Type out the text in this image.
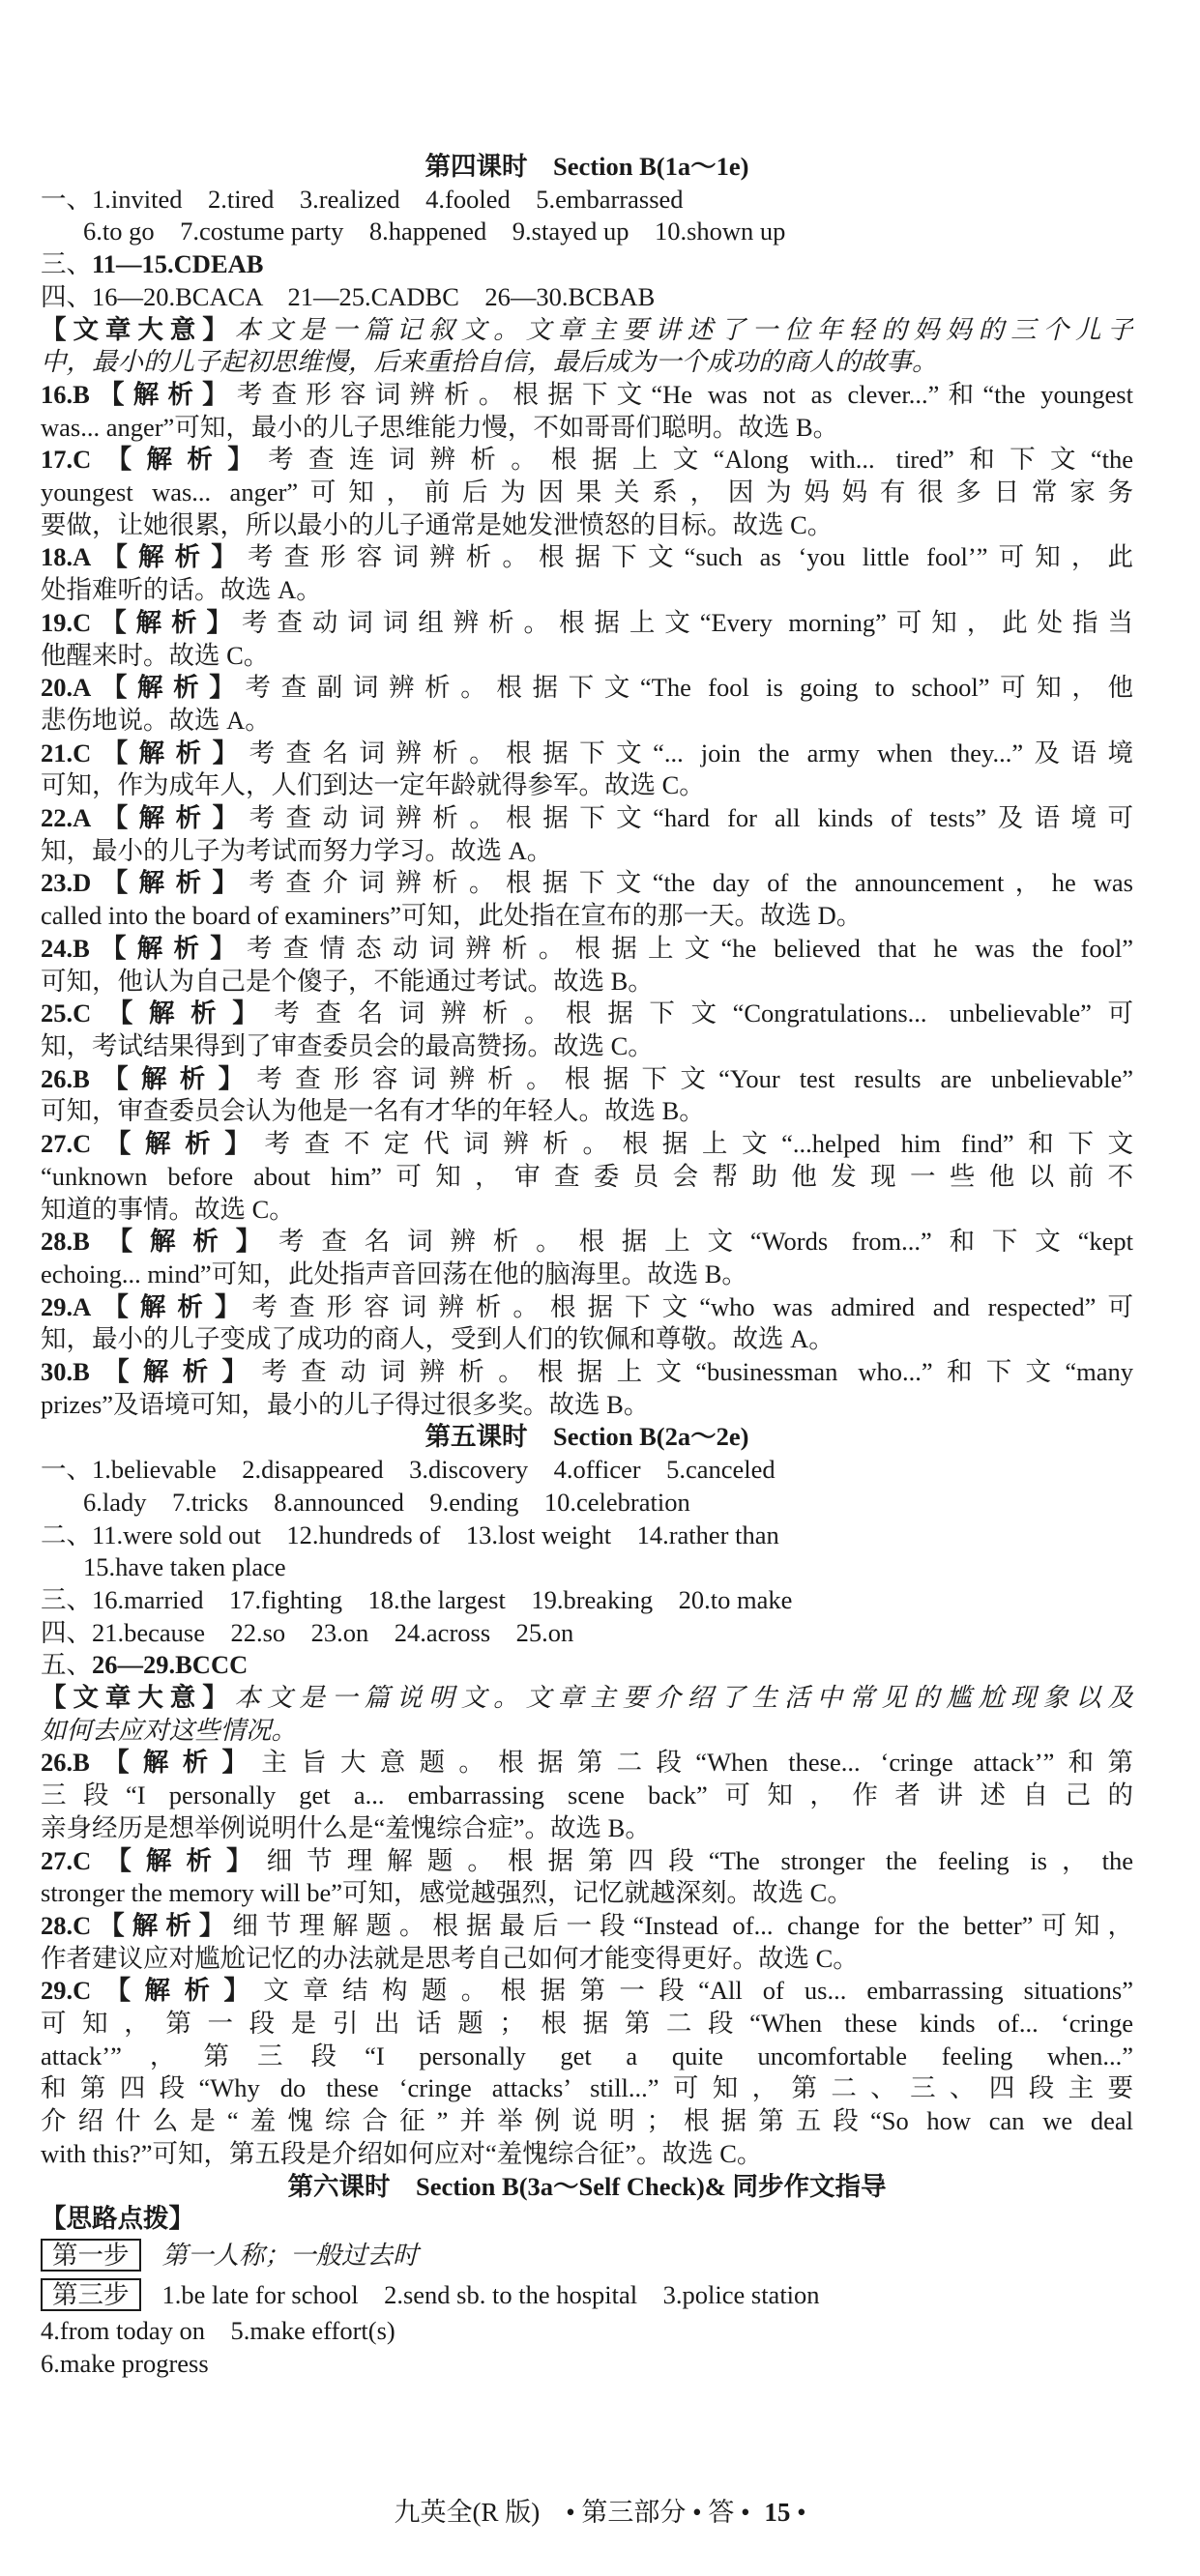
第四课时　Section B(1a～1e)
一、1.invited　2.tired　3.realized　4.fooled　5.embarrassed
6.to go　7.costume party　8.happened　9.stayed up　10.shown up
三、11—15.CDEAB
四、16—20.BCACA　21—25.CADBC　26—30.BCBAB
【文章大意】本文是一篇记叙文。文章主要讲述了一位年轻的妈妈的三个儿子
中，最小的儿子起初思维慢，后来重拾自信，最后成为一个成功的商人的故事。
16.B【解析】考查形容词辨析。根据下文“He was not as clever...”和“the youngest
was... anger”可知，最小的儿子思维能力慢，不如哥哥们聪明。故选 B。
17.C【解析】考查连词辨析。根据上文“Along with... tired”和下文“the
youngest was... anger”可知，前后为因果关系，因为妈妈有很多日常家务
要做，让她很累，所以最小的儿子通常是她发泄愤怒的目标。故选 C。
18.A【解析】考查形容词辨析。根据下文“such as ‘you little fool’”可知，此
处指难听的话。故选 A。
19.C【解析】考查动词词组辨析。根据上文“Every morning”可知，此处指当
他醒来时。故选 C。
20.A【解析】考查副词辨析。根据下文“The fool is going to school”可知，他
悲伤地说。故选 A。
21.C【解析】考查名词辨析。根据下文“... join the army when they...”及语境
可知，作为成年人，人们到达一定年龄就得参军。故选 C。
22.A【解析】考查动词辨析。根据下文“hard for all kinds of tests”及语境可
知，最小的儿子为考试而努力学习。故选 A。
23.D【解析】考查介词辨析。根据下文“the day of the announcement，he was
called into the board of examiners”可知，此处指在宣布的那一天。故选 D。
24.B【解析】考查情态动词辨析。根据上文“he believed that he was the fool”
可知，他认为自己是个傻子，不能通过考试。故选 B。
25.C【解析】考查名词辨析。根据下文“Congratulations... unbelievable”可
知，考试结果得到了审查委员会的最高赞扬。故选 C。
26.B【解析】考查形容词辨析。根据下文“Your test results are unbelievable”
可知，审查委员会认为他是一名有才华的年轻人。故选 B。
27.C【解析】考查不定代词辨析。根据上文“...helped him find”和下文
“unknown before about him”可知，审查委员会帮助他发现一些他以前不
知道的事情。故选 C。
28.B【解析】考查名词辨析。根据上文“Words from...”和下文“kept
echoing... mind”可知，此处指声音回荡在他的脑海里。故选 B。
29.A【解析】考查形容词辨析。根据下文“who was admired and respected”可
知，最小的儿子变成了成功的商人，受到人们的钦佩和尊敬。故选 A。
30.B【解析】考查动词辨析。根据上文“businessman who...”和下文“many
prizes”及语境可知，最小的儿子得过很多奖。故选 B。
第五课时　Section B(2a～2e)
一、1.believable　2.disappeared　3.discovery　4.officer　5.canceled
6.lady　7.tricks　8.announced　9.ending　10.celebration
二、11.were sold out　12.hundreds of　13.lost weight　14.rather than
15.have taken place
三、16.married　17.fighting　18.the largest　19.breaking　20.to make
四、21.because　22.so　23.on　24.across　25.on
五、26—29.BCCC
【文章大意】本文是一篇说明文。文章主要介绍了生活中常见的尴尬现象以及
如何去应对这些情况。
26.B【解析】主旨大意题。根据第二段“When these... ‘cringe attack’”和第
三段“I personally get a... embarrassing scene back”可知，作者讲述自己的
亲身经历是想举例说明什么是“羞愧综合症”。故选 B。
27.C【解析】细节理解题。根据第四段“The stronger the feeling is，the
stronger the memory will be”可知，感觉越强烈，记忆就越深刻。故选 C。
28.C【解析】细节理解题。根据最后一段“Instead of... change for the better”可知，
作者建议应对尴尬记忆的办法就是思考自己如何才能变得更好。故选 C。
29.C【解析】文章结构题。根据第一段“All of us... embarrassing situations”
可知，第一段是引出话题；根据第二段“When these kinds of... ‘cringe
attack’”，第三段“I personally get a quite uncomfortable feeling when...”
和第四段“Why do these ‘cringe attacks’ still...”可知，第二、三、四段主要
介绍什么是“羞愧综合征”并举例说明；根据第五段“So how can we deal
with this?”可知，第五段是介绍如何应对“羞愧综合征”。故选 C。
第六课时　Section B(3a～Self Check)& 同步作文指导
【思路点拨】
第一步 第一人称；一般过去时
第三步 1.be late for school　2.send sb. to the hospital　3.police station
4.from today on　5.make effort(s)
6.make progress
九英全(R 版)　• 第三部分 • 答 • 15 •
